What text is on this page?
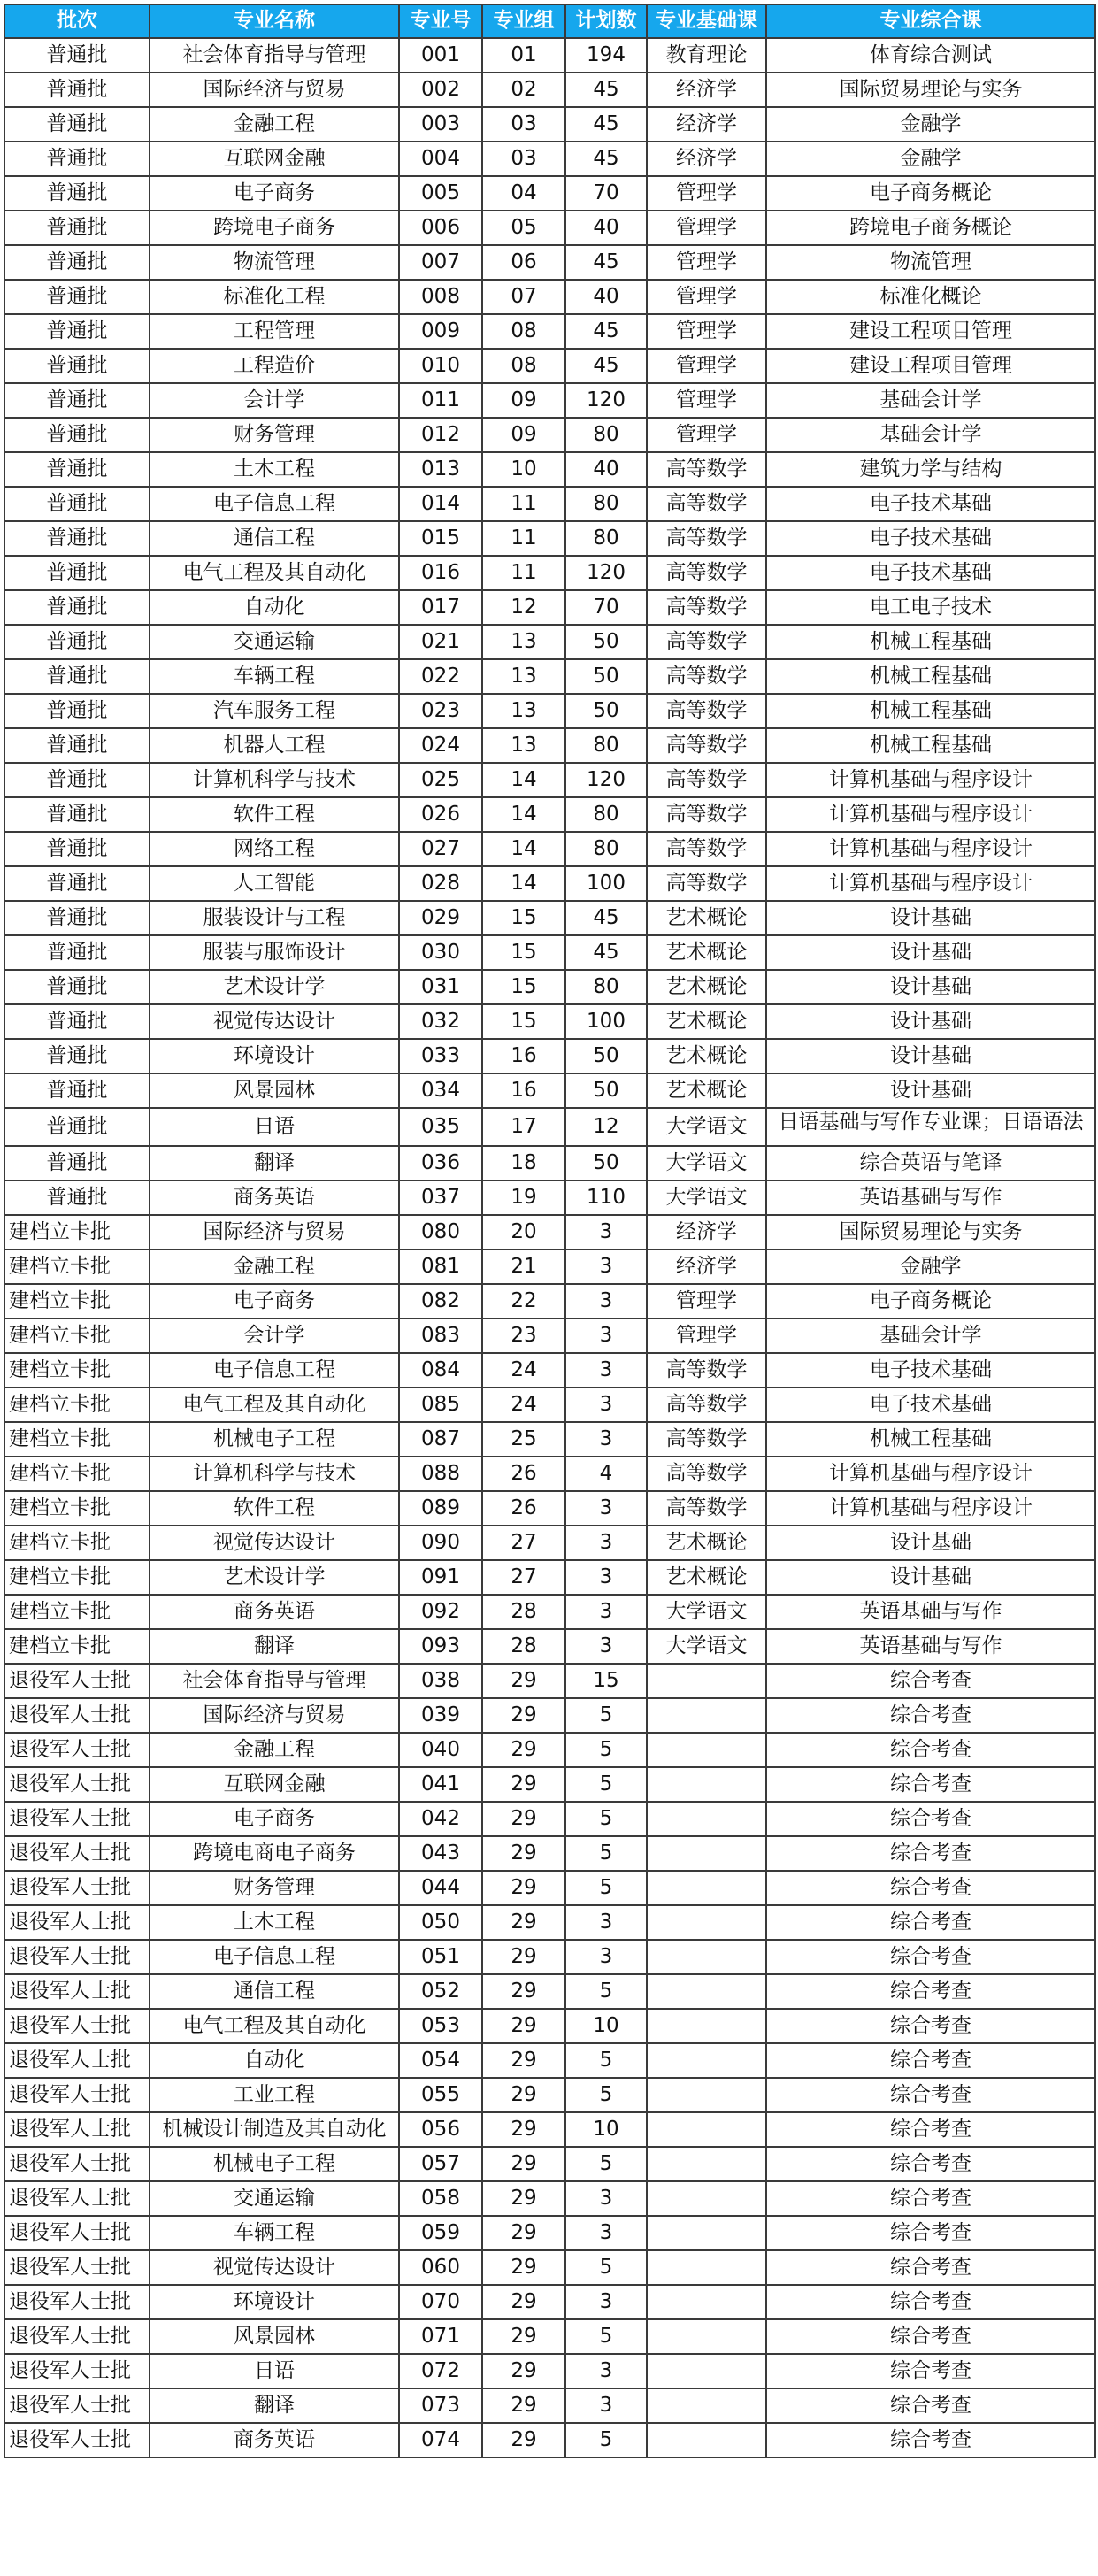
批次	专业名称	专业号	专业组	计划数	专业基础课	专业综合课
普通批	社会体育指导与管理	001	01	194	教育理论	体育综合测试
普通批	国际经济与贸易	002	02	45	经济学	国际贸易理论与实务
普通批	金融工程	003	03	45	经济学	金融学
普通批	互联网金融	004	03	45	经济学	金融学
普通批	电子商务	005	04	70	管理学	电子商务概论
普通批	跨境电子商务	006	05	40	管理学	跨境电子商务概论
普通批	物流管理	007	06	45	管理学	物流管理
普通批	标准化工程	008	07	40	管理学	标准化概论
普通批	工程管理	009	08	45	管理学	建设工程项目管理
普通批	工程造价	010	08	45	管理学	建设工程项目管理
普通批	会计学	011	09	120	管理学	基础会计学
普通批	财务管理	012	09	80	管理学	基础会计学
普通批	土木工程	013	10	40	高等数学	建筑力学与结构
普通批	电子信息工程	014	11	80	高等数学	电子技术基础
普通批	通信工程	015	11	80	高等数学	电子技术基础
普通批	电气工程及其自动化	016	11	120	高等数学	电子技术基础
普通批	自动化	017	12	70	高等数学	电工电子技术
普通批	交通运输	021	13	50	高等数学	机械工程基础
普通批	车辆工程	022	13	50	高等数学	机械工程基础
普通批	汽车服务工程	023	13	50	高等数学	机械工程基础
普通批	机器人工程	024	13	80	高等数学	机械工程基础
普通批	计算机科学与技术	025	14	120	高等数学	计算机基础与程序设计
普通批	软件工程	026	14	80	高等数学	计算机基础与程序设计
普通批	网络工程	027	14	80	高等数学	计算机基础与程序设计
普通批	人工智能	028	14	100	高等数学	计算机基础与程序设计
普通批	服装设计与工程	029	15	45	艺术概论	设计基础
普通批	服装与服饰设计	030	15	45	艺术概论	设计基础
普通批	艺术设计学	031	15	80	艺术概论	设计基础
普通批	视觉传达设计	032	15	100	艺术概论	设计基础
普通批	环境设计	033	16	50	艺术概论	设计基础
普通批	风景园林	034	16	50	艺术概论	设计基础
普通批	日语	035	17	12	大学语文	日语基础与写作专业课；日语语法
普通批	翻译	036	18	50	大学语文	综合英语与笔译
普通批	商务英语	037	19	110	大学语文	英语基础与写作
建档立卡批	国际经济与贸易	080	20	3	经济学	国际贸易理论与实务
建档立卡批	金融工程	081	21	3	经济学	金融学
建档立卡批	电子商务	082	22	3	管理学	电子商务概论
建档立卡批	会计学	083	23	3	管理学	基础会计学
建档立卡批	电子信息工程	084	24	3	高等数学	电子技术基础
建档立卡批	电气工程及其自动化	085	24	3	高等数学	电子技术基础
建档立卡批	机械电子工程	087	25	3	高等数学	机械工程基础
建档立卡批	计算机科学与技术	088	26	4	高等数学	计算机基础与程序设计
建档立卡批	软件工程	089	26	3	高等数学	计算机基础与程序设计
建档立卡批	视觉传达设计	090	27	3	艺术概论	设计基础
建档立卡批	艺术设计学	091	27	3	艺术概论	设计基础
建档立卡批	商务英语	092	28	3	大学语文	英语基础与写作
建档立卡批	翻译	093	28	3	大学语文	英语基础与写作
退役军人士批	社会体育指导与管理	038	29	15		综合考查
退役军人士批	国际经济与贸易	039	29	5		综合考查
退役军人士批	金融工程	040	29	5		综合考查
退役军人士批	互联网金融	041	29	5		综合考查
退役军人士批	电子商务	042	29	5		综合考查
退役军人士批	跨境电商电子商务	043	29	5		综合考查
退役军人士批	财务管理	044	29	5		综合考查
退役军人士批	土木工程	050	29	3		综合考查
退役军人士批	电子信息工程	051	29	3		综合考查
退役军人士批	通信工程	052	29	5		综合考查
退役军人士批	电气工程及其自动化	053	29	10		综合考查
退役军人士批	自动化	054	29	5		综合考查
退役军人士批	工业工程	055	29	5		综合考查
退役军人士批	机械设计制造及其自动化	056	29	10		综合考查
退役军人士批	机械电子工程	057	29	5		综合考查
退役军人士批	交通运输	058	29	3		综合考查
退役军人士批	车辆工程	059	29	3		综合考查
退役军人士批	视觉传达设计	060	29	5		综合考查
退役军人士批	环境设计	070	29	3		综合考查
退役军人士批	风景园林	071	29	5		综合考查
退役军人士批	日语	072	29	3		综合考查
退役军人士批	翻译	073	29	3		综合考查
退役军人士批	商务英语	074	29	5		综合考查
